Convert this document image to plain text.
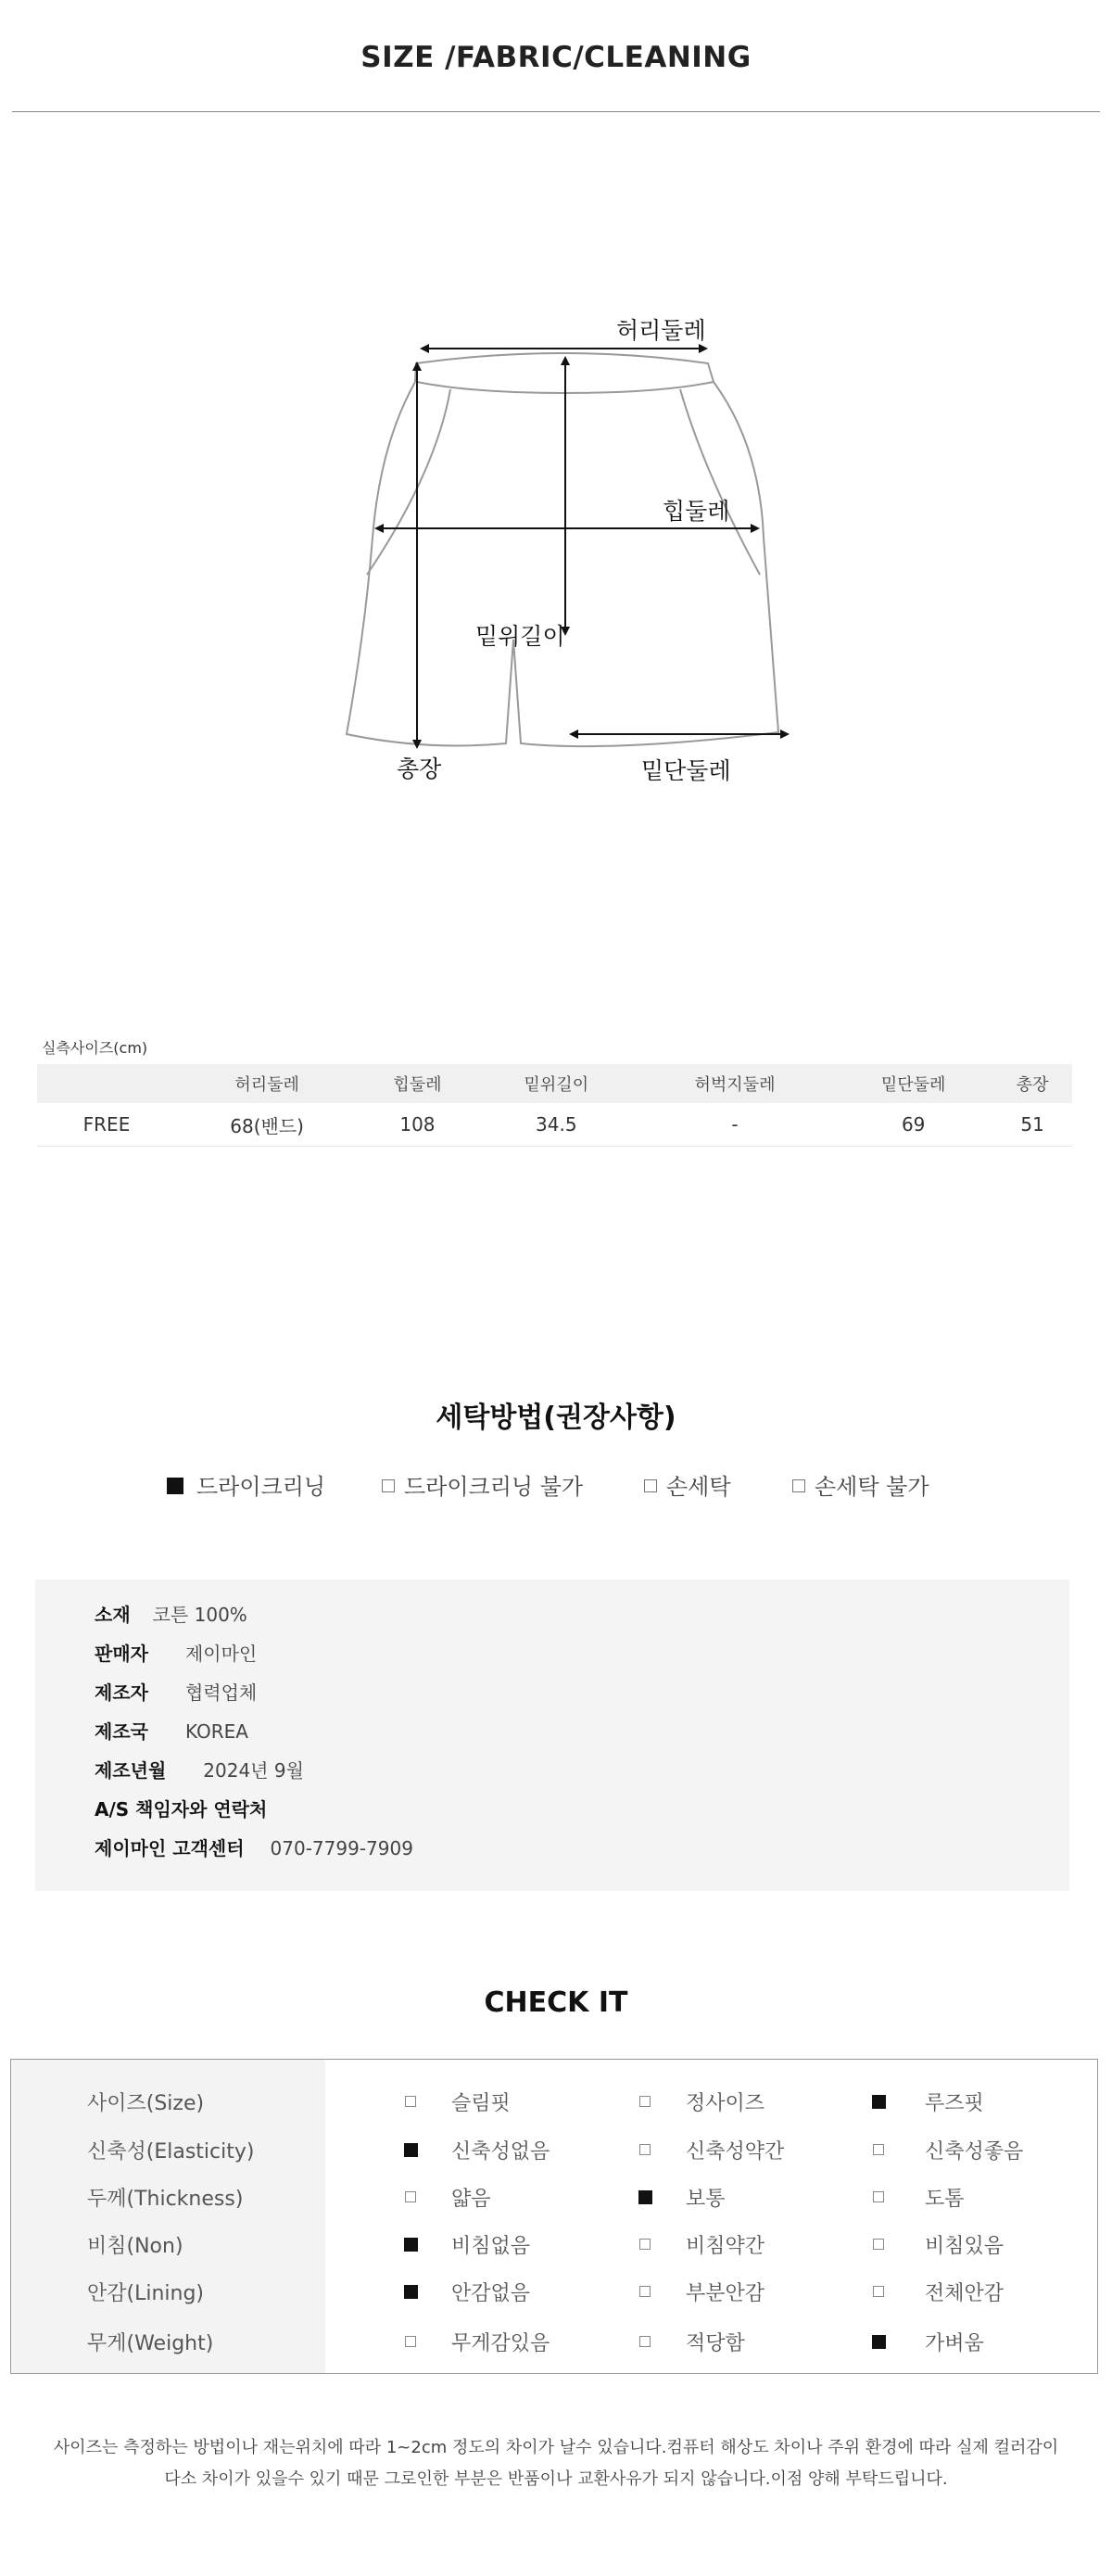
SIZE /FABRIC/CLEANING
허리둘레
힙둘레
밑위길이
총장	밑단둘레
실측사이즈(cm)
	허리둘레	힙둘레	밑위길이	허벅지둘레	밑단둘레	총장
FREE	68(밴드)	108	34.5	-	69	51
세탁방법(권장사항)
드라이크리닝	드라이크리닝 불가	손세탁	손세탁 불가
소재 코튼 100%
판매자 제이마인
제조자 협력업체
제조국 KOREA
제조년월 2024년 9월
A/S 책임자와 연락처
제이마인 고객센터 070-7799-7909
CHECK IT
사이즈(Size)	슬림핏	정사이즈	루즈핏
신축성(Elasticity)	신축성없음	신축성약간	신축성좋음
두께(Thickness)	얇음	보통	도톰
비침(Non)	비침없음	비침약간	비침있음
안감(Lining)	안감없음	부분안감	전체안감
무게(Weight)	무게감있음	적당함	가벼움
사이즈는 측정하는 방법이나 재는위치에 따라 1~2cm 정도의 차이가 날수 있습니다.컴퓨터 해상도 차이나 주위 환경에 따라 실제 컬러감이
다소 차이가 있을수 있기 때문 그로인한 부분은 반품이나 교환사유가 되지 않습니다.이점 양해 부탁드립니다.
